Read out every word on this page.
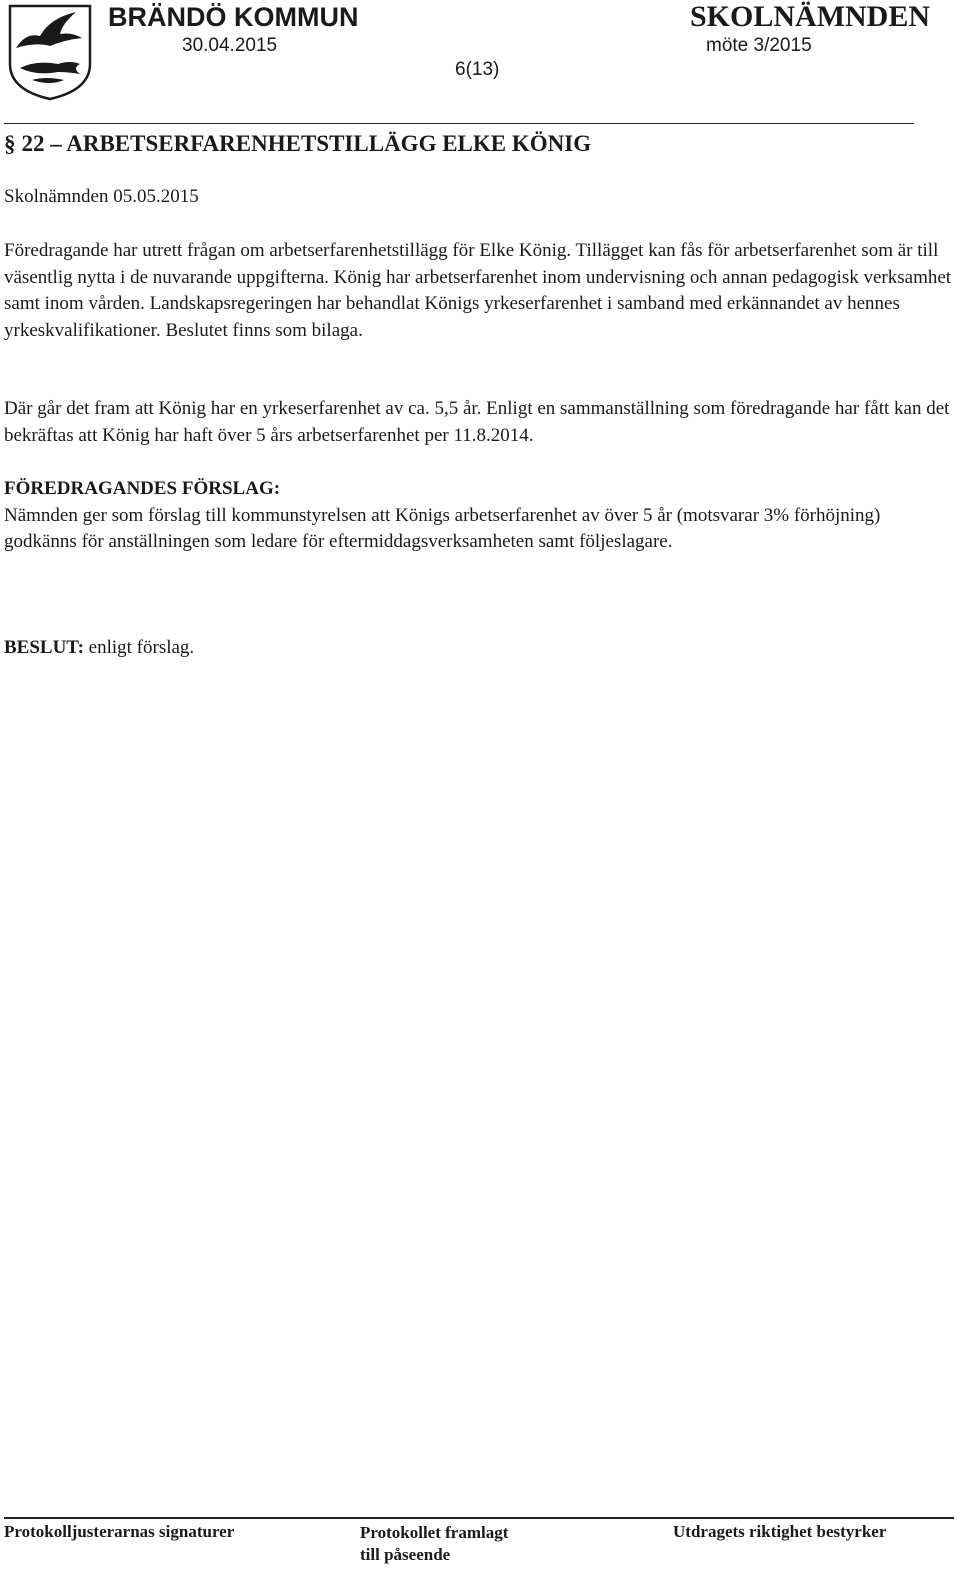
BRÄNDÖ KOMMUN
30.04.2015
6(13)
SKOLNÄMNDEN
möte 3/2015
§ 22 – ARBETSERFARENHETSTILLÄGG ELKE KÖNIG
Skolnämnden 05.05.2015
Föredragande har utrett frågan om arbetserfarenhetstillägg för Elke König. Tillägget kan fås för arbetserfarenhet som är till väsentlig nytta i de nuvarande uppgifterna. König har arbetserfarenhet inom undervisning och annan pedagogisk verksamhet samt inom vården. Landskapsregeringen har behandlat Königs yrkeserfarenhet i samband med erkännandet av hennes yrkeskvalifikationer. Beslutet finns som bilaga.
Där går det fram att König har en yrkeserfarenhet av ca. 5,5 år. Enligt en sammanställning som föredragande har fått kan det bekräftas att König har haft över 5 års arbetserfarenhet per 11.8.2014.
FÖREDRAGANDES FÖRSLAG:
Nämnden ger som förslag till kommunstyrelsen att Königs arbetserfarenhet av över 5 år (motsvarar 3% förhöjning) godkänns för anställningen som ledare för eftermiddagsverksamheten samt följeslagare.
BESLUT: enligt förslag.
Protokolljusterarnas signaturer	Protokollet framlagt
till påseende
Utdragets riktighet bestyrker
